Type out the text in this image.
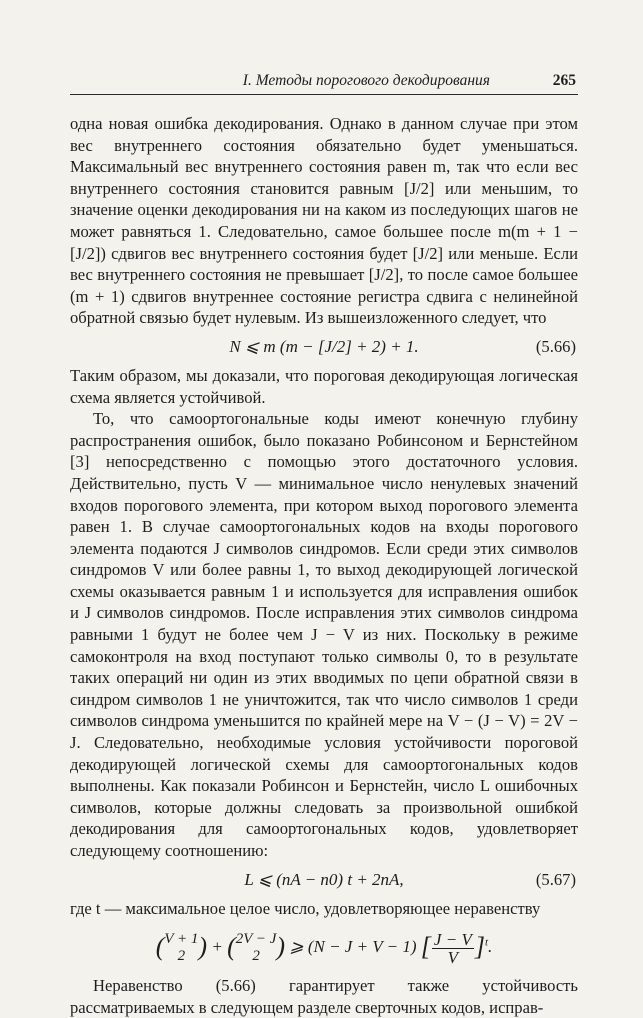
I. Методы порогового декодирования	265

одна новая ошибка декодирования. Однако в данном случае при этом вес внутреннего состояния обязательно будет уменьшаться. Максимальный вес внутреннего состояния равен m, так что если вес внутреннего состояния становится равным [J/2] или меньшим, то значение оценки декодирования ни на каком из последующих шагов не может равняться 1. Следовательно, самое большее после m(m + 1 − [J/2]) сдвигов вес внутреннего состояния будет [J/2] или меньше. Если вес внутреннего состояния не превышает [J/2], то после самое большее (m + 1) сдвигов внутреннее состояние регистра сдвига с нелинейной обратной связью будет нулевым. Из вышеизложенного следует, что

N ⩽ m (m − [J/2] + 2) + 1.	(5.66)

Таким образом, мы доказали, что пороговая декодирующая логическая схема является устойчивой.

То, что самоортогональные коды имеют конечную глубину распространения ошибок, было показано Робинсоном и Бернстейном [3] непосредственно с помощью этого достаточного условия. Действительно, пусть V — минимальное число ненулевых значений входов порогового элемента, при котором выход порогового элемента равен 1. В случае самоортогональных кодов на входы порогового элемента подаются J символов синдромов. Если среди этих символов синдромов V или более равны 1, то выход декодирующей логической схемы оказывается равным 1 и используется для исправления ошибок и J символов синдромов. После исправления этих символов синдрома равными 1 будут не более чем J − V из них. Поскольку в режиме самоконтроля на вход поступают только символы 0, то в результате таких операций ни один из этих вводимых по цепи обратной связи в синдром символов 1 не уничтожится, так что число символов 1 среди символов синдрома уменьшится по крайней мере на V − (J − V) = 2V − J. Следовательно, необходимые условия устойчивости пороговой декодирующей логической схемы для самоортогональных кодов выполнены. Как показали Робинсон и Бернстейн, число L ошибочных символов, которые должны следовать за произвольной ошибкой декодирования для самоортогональных кодов, удовлетворяет следующему соотношению:

L ⩽ (nA − n0) t + 2nA,	(5.67)

где t — максимальное целое число, удовлетворяющее неравенству

( V + 1
2 ) + ( 2V − J
2 ) ⩾ (N − J + V − 1) [ $\frac{J - V}{V} ]^t$.

Неравенство (5.66) гарантирует также устойчивость рассматриваемых в следующем разделе сверточных кодов, исправ-
